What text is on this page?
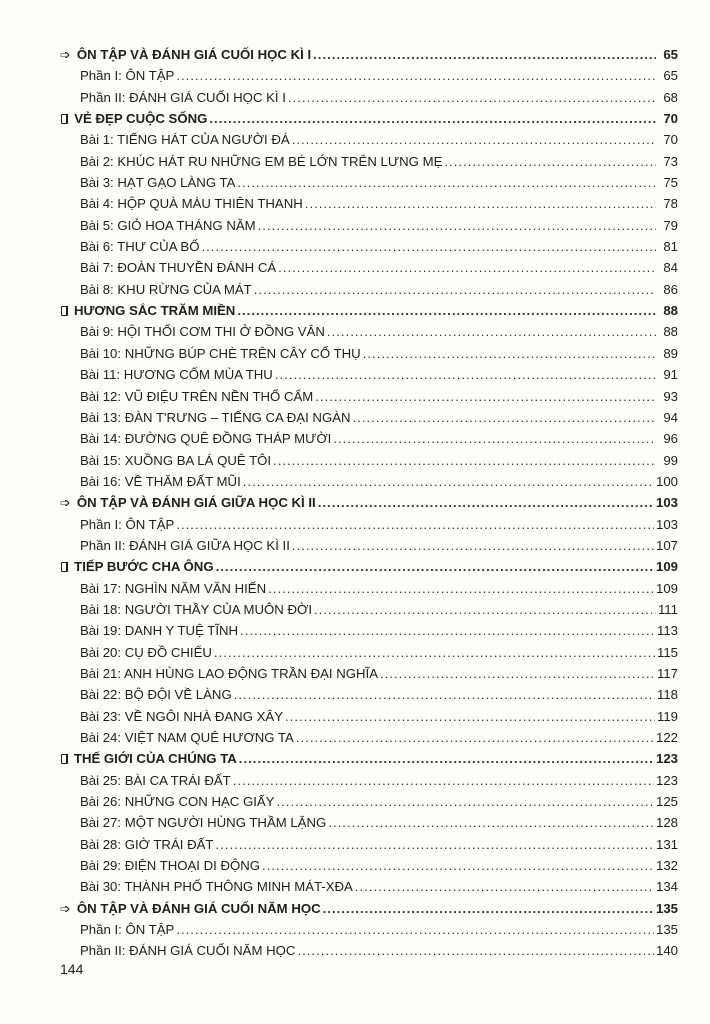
➩ ÔN TẬP VÀ ĐÁNH GIÁ CUỐI HỌC KÌ I .....	65
Phần I: ÔN TẬP .....	65
Phần II: ĐÁNH GIÁ CUỐI HỌC KÌ I .....	68
VẺ ĐẸP CUỘC SỐNG .....	70
Bài 1: TIẾNG HÁT CỦA NGƯỜI ĐÁ .....	70
Bài 2: KHÚC HÁT RU NHỮNG EM BÉ LỚN TRÊN LƯNG MẸ .....	73
Bài 3: HẠT GẠO LÀNG TA .....	75
Bài 4: HỘP QUÀ MÀU THIÊN THANH .....	78
Bài 5: GIỎ HOA THÁNG NĂM .....	79
Bài 6: THƯ CỦA BỐ .....	81
Bài 7: ĐOÀN THUYỀN ĐÁNH CÁ .....	84
Bài 8: KHU RỪNG CỦA MÁT .....	86
HƯƠNG SẮC TRĂM MIỀN .....	88
Bài 9: HỘI THỔI CƠM THI Ở ĐỒNG VÂN .....	88
Bài 10: NHỮNG BÚP CHÈ TRÊN CÂY CỔ THỤ .....	89
Bài 11: HƯƠNG CỐM MÙA THU .....	91
Bài 12: VŨ ĐIỆU TRÊN NỀN THỔ CẨM .....	93
Bài 13: ĐÀN T'RƯNG – TIẾNG CA ĐẠI NGÀN .....	94
Bài 14: ĐƯỜNG QUÊ ĐỒNG THÁP MƯỜI .....	96
Bài 15: XUỒNG BA LÁ QUÊ TÔI .....	99
Bài 16: VỀ THĂM ĐẤT MŨI .....	100
➩ ÔN TẬP VÀ ĐÁNH GIÁ GIỮA HỌC KÌ II .....	103
Phần I: ÔN TẬP .....	103
Phần II: ĐÁNH GIÁ GIỮA HỌC KÌ II .....	107
TIẾP BƯỚC CHA ÔNG .....	109
Bài 17: NGHÌN NĂM VĂN HIẾN .....	109
Bài 18: NGƯỜI THẦY CỦA MUÔN ĐỜI .....	111
Bài 19: DANH Y TUỆ TĨNH .....	113
Bài 20: CỤ ĐỒ CHIỂU .....	115
Bài 21: ANH HÙNG LAO ĐỘNG TRẦN ĐẠI NGHĨA .....	117
Bài 22: BỘ ĐỘI VỀ LÀNG .....	118
Bài 23: VỀ NGÔI NHÀ ĐANG XÂY .....	119
Bài 24: VIỆT NAM QUÊ HƯƠNG TA .....	122
THẾ GIỚI CỦA CHÚNG TA .....	123
Bài 25: BÀI CA TRÁI ĐẤT .....	123
Bài 26: NHỮNG CON HẠC GIẤY .....	125
Bài 27: MỘT NGƯỜI HÙNG THẦM LẶNG .....	128
Bài 28: GIỜ TRÁI ĐẤT .....	131
Bài 29: ĐIỆN THOẠI DI ĐỘNG .....	132
Bài 30: THÀNH PHỐ THÔNG MINH MÁT-XĐA .....	134
➩ ÔN TẬP VÀ ĐÁNH GIÁ CUỐI NĂM HỌC .....	135
Phần I: ÔN TẬP .....	135
Phần II: ĐÁNH GIÁ CUỐI NĂM HỌC .....	140
144
